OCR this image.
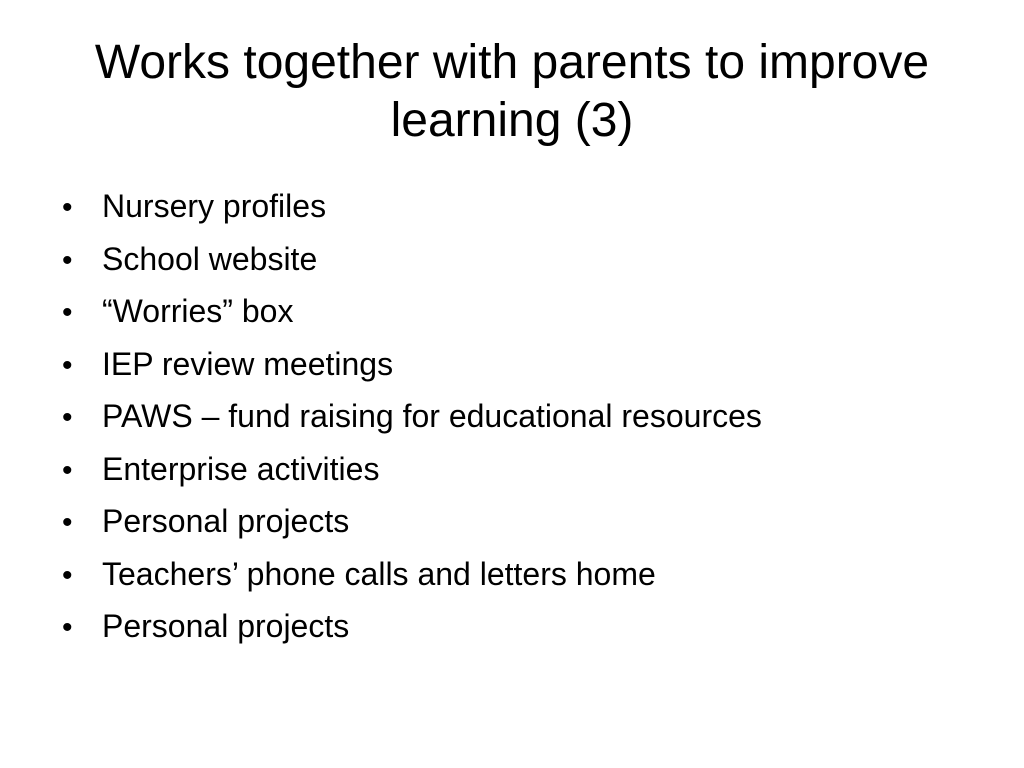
Works together with parents to improve learning (3)
• Nursery profiles
• School website
• “Worries” box
• IEP review meetings
• PAWS – fund raising for educational resources
• Enterprise activities
• Personal projects
• Teachers’ phone calls and letters home
• Personal projects
